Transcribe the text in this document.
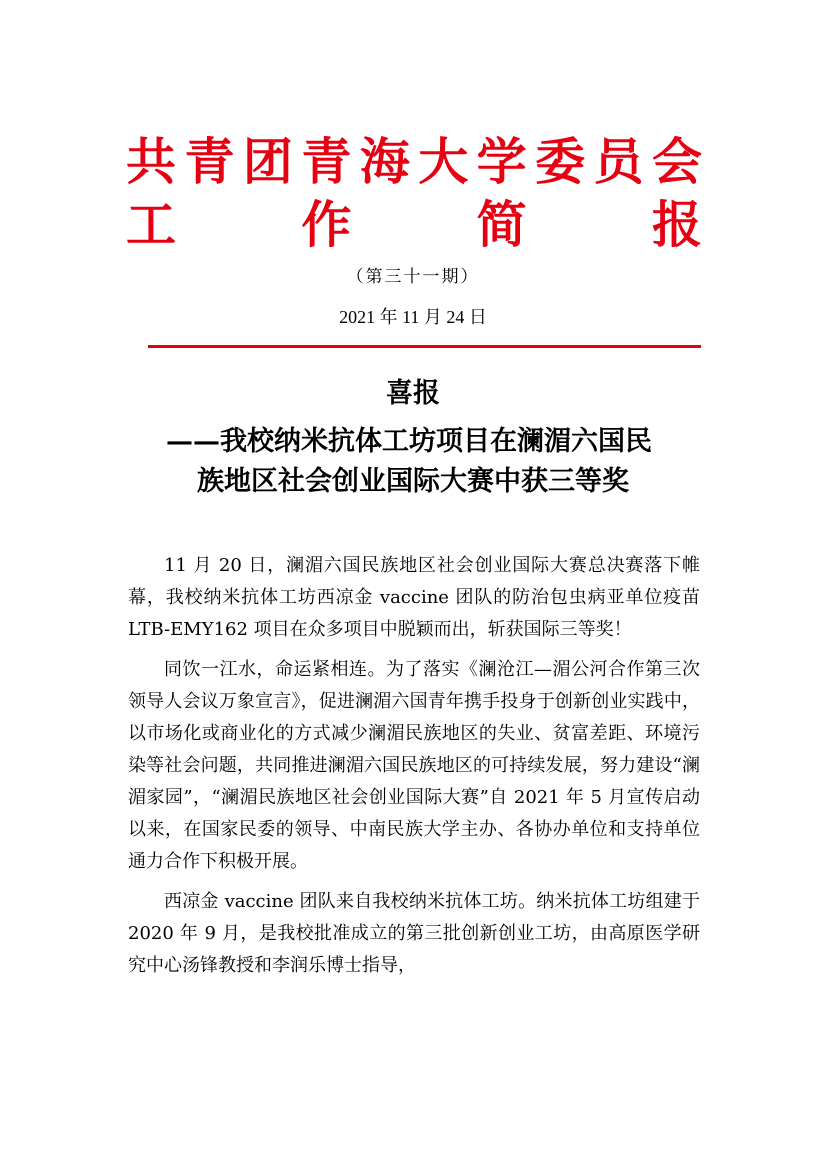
共 青 团 青 海 大 学 委 员 会
工	作	简	报
（第三十一期）
2021 年 11 月 24 日
喜报
——我校纳米抗体工坊项目在澜湄六国民
族地区社会创业国际大赛中获三等奖

11 月 20 日，澜湄六国民族地区社会创业国际大赛总决赛落下帷幕，我校纳米抗体工坊西凉金 vaccine 团队的防治包虫病亚单位疫苗 LTB-EMY162 项目在众多项目中脱颖而出，斩获国际三等奖！

同饮一江水，命运紧相连。为了落实《澜沧江—湄公河合作第三次领导人会议万象宣言》，促进澜湄六国青年携手投身于创新创业实践中，以市场化或商业化的方式减少澜湄民族地区的失业、贫富差距、环境污染等社会问题，共同推进澜湄六国民族地区的可持续发展，努力建设“澜湄家园”，“澜湄民族地区社会创业国际大赛”自 2021 年 5 月宣传启动以来，在国家民委的领导、中南民族大学主办、各协办单位和支持单位通力合作下积极开展。

西凉金 vaccine 团队来自我校纳米抗体工坊。纳米抗体工坊组建于 2020 年 9 月，是我校批准成立的第三批创新创业工坊，由高原医学研究中心汤锋教授和李润乐博士指导，
